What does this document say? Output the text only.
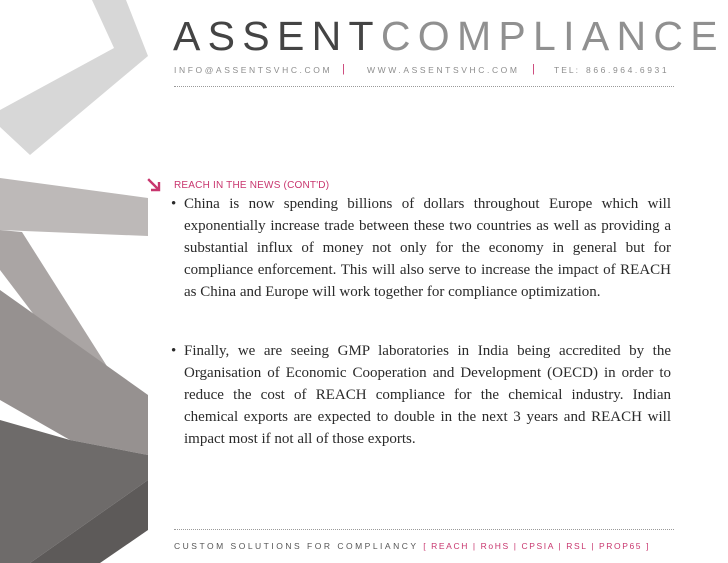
ASSENTCOMPLIANCE
INFO@ASSENTSVHC.COM |	WWW.ASSENTSVHC.COM | TEL: 866.964.6931
REACH IN THE NEWS (CONT'D)
• China is now spending billions of dollars throughout Europe which will exponentially increase trade between these two countries as well as providing a substantial influx of money not only for the economy in general but for compliance enforcement. This will also serve to increase the impact of REACH as China and Europe will work together for compliance optimization.
• Finally, we are seeing GMP laboratories in India being accredited by the Organisation of Economic Cooperation and Development (OECD) in order to reduce the cost of REACH compliance for the chemical industry. Indian chemical exports are expected to double in the next 3 years and REACH will impact most if not all of those exports.
CUSTOM SOLUTIONS FOR COMPLIANCY [ REACH | RoHS | CPSIA | RSL | PROP65 ]
